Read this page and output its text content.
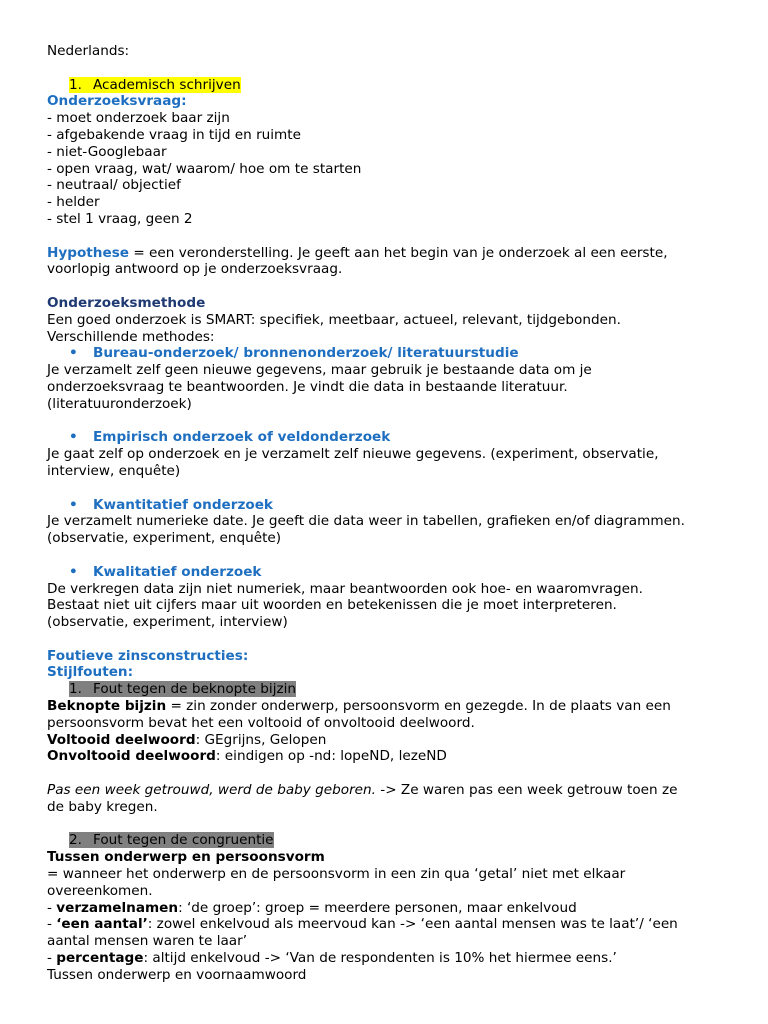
Nederlands:
1. Academisch schrijven
Onderzoeksvraag:
- moet onderzoek baar zijn
- afgebakende vraag in tijd en ruimte
- niet-Googlebaar
- open vraag, wat/ waarom/ hoe om te starten
- neutraal/ objectief
- helder
- stel 1 vraag, geen 2
Hypothese = een veronderstelling. Je geeft aan het begin van je onderzoek al een eerste,
voorlopig antwoord op je onderzoeksvraag.
Onderzoeksmethode
Een goed onderzoek is SMART: specifiek, meetbaar, actueel, relevant, tijdgebonden.
Verschillende methodes:
• Bureau-onderzoek/ bronnenonderzoek/ literatuurstudie
Je verzamelt zelf geen nieuwe gegevens, maar gebruik je bestaande data om je
onderzoeksvraag te beantwoorden. Je vindt die data in bestaande literatuur.
(literatuuronderzoek)
• Empirisch onderzoek of veldonderzoek
Je gaat zelf op onderzoek en je verzamelt zelf nieuwe gegevens. (experiment, observatie,
interview, enquête)
• Kwantitatief onderzoek
Je verzamelt numerieke date. Je geeft die data weer in tabellen, grafieken en/of diagrammen.
(observatie, experiment, enquête)
• Kwalitatief onderzoek
De verkregen data zijn niet numeriek, maar beantwoorden ook hoe- en waaromvragen.
Bestaat niet uit cijfers maar uit woorden en betekenissen die je moet interpreteren.
(observatie, experiment, interview)
Foutieve zinsconstructies:
Stijlfouten:
1. Fout tegen de beknopte bijzin
Beknopte bijzin = zin zonder onderwerp, persoonsvorm en gezegde. In de plaats van een
persoonsvorm bevat het een voltooid of onvoltooid deelwoord.
Voltooid deelwoord: GEgrijns, Gelopen
Onvoltooid deelwoord: eindigen op -nd: lopeND, lezeND
Pas een week getrouwd, werd de baby geboren. -> Ze waren pas een week getrouw toen ze
de baby kregen.
2. Fout tegen de congruentie
Tussen onderwerp en persoonsvorm
= wanneer het onderwerp en de persoonsvorm in een zin qua ‘getal’ niet met elkaar
overeenkomen.
- verzamelnamen: ‘de groep’: groep = meerdere personen, maar enkelvoud
- ‘een aantal’: zowel enkelvoud als meervoud kan -> ‘een aantal mensen was te laat’/ ‘een
aantal mensen waren te laar’
- percentage: altijd enkelvoud -> ‘Van de respondenten is 10% het hiermee eens.’
Tussen onderwerp en voornaamwoord
